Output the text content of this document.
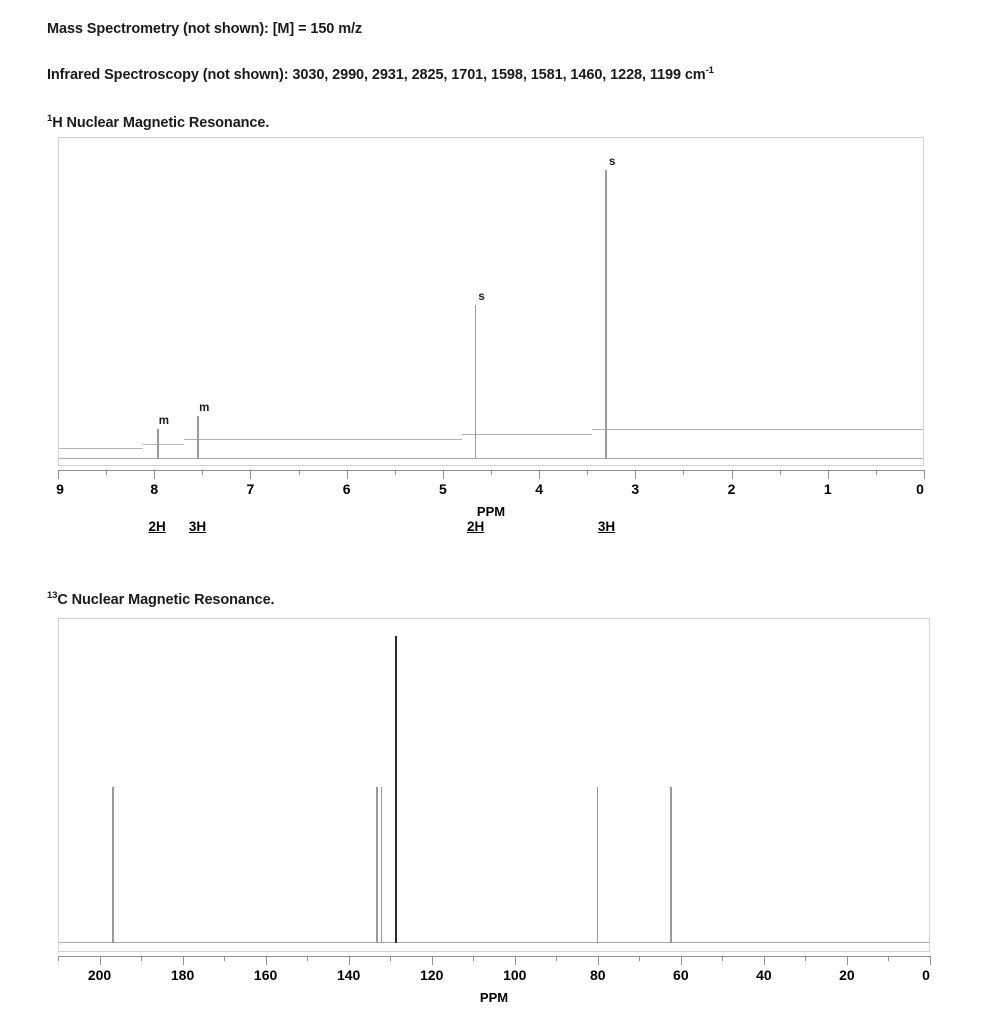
Mass Spectrometry (not shown): [M] = 150 m/z
Infrared Spectroscopy (not shown): 3030, 2990, 2931, 2825, 1701, 1598, 1581, 1460, 1228, 1199 $cm^{-1}$
$^1$H Nuclear Magnetic Resonance.
m
m
s
s
9	8	7	6	5	4	3	2	1	0
PPM
2H 3H	2H	3H
$^{13}$C Nuclear Magnetic Resonance.
200	180	160	140	120	100	80	60	40	20	0
PPM
